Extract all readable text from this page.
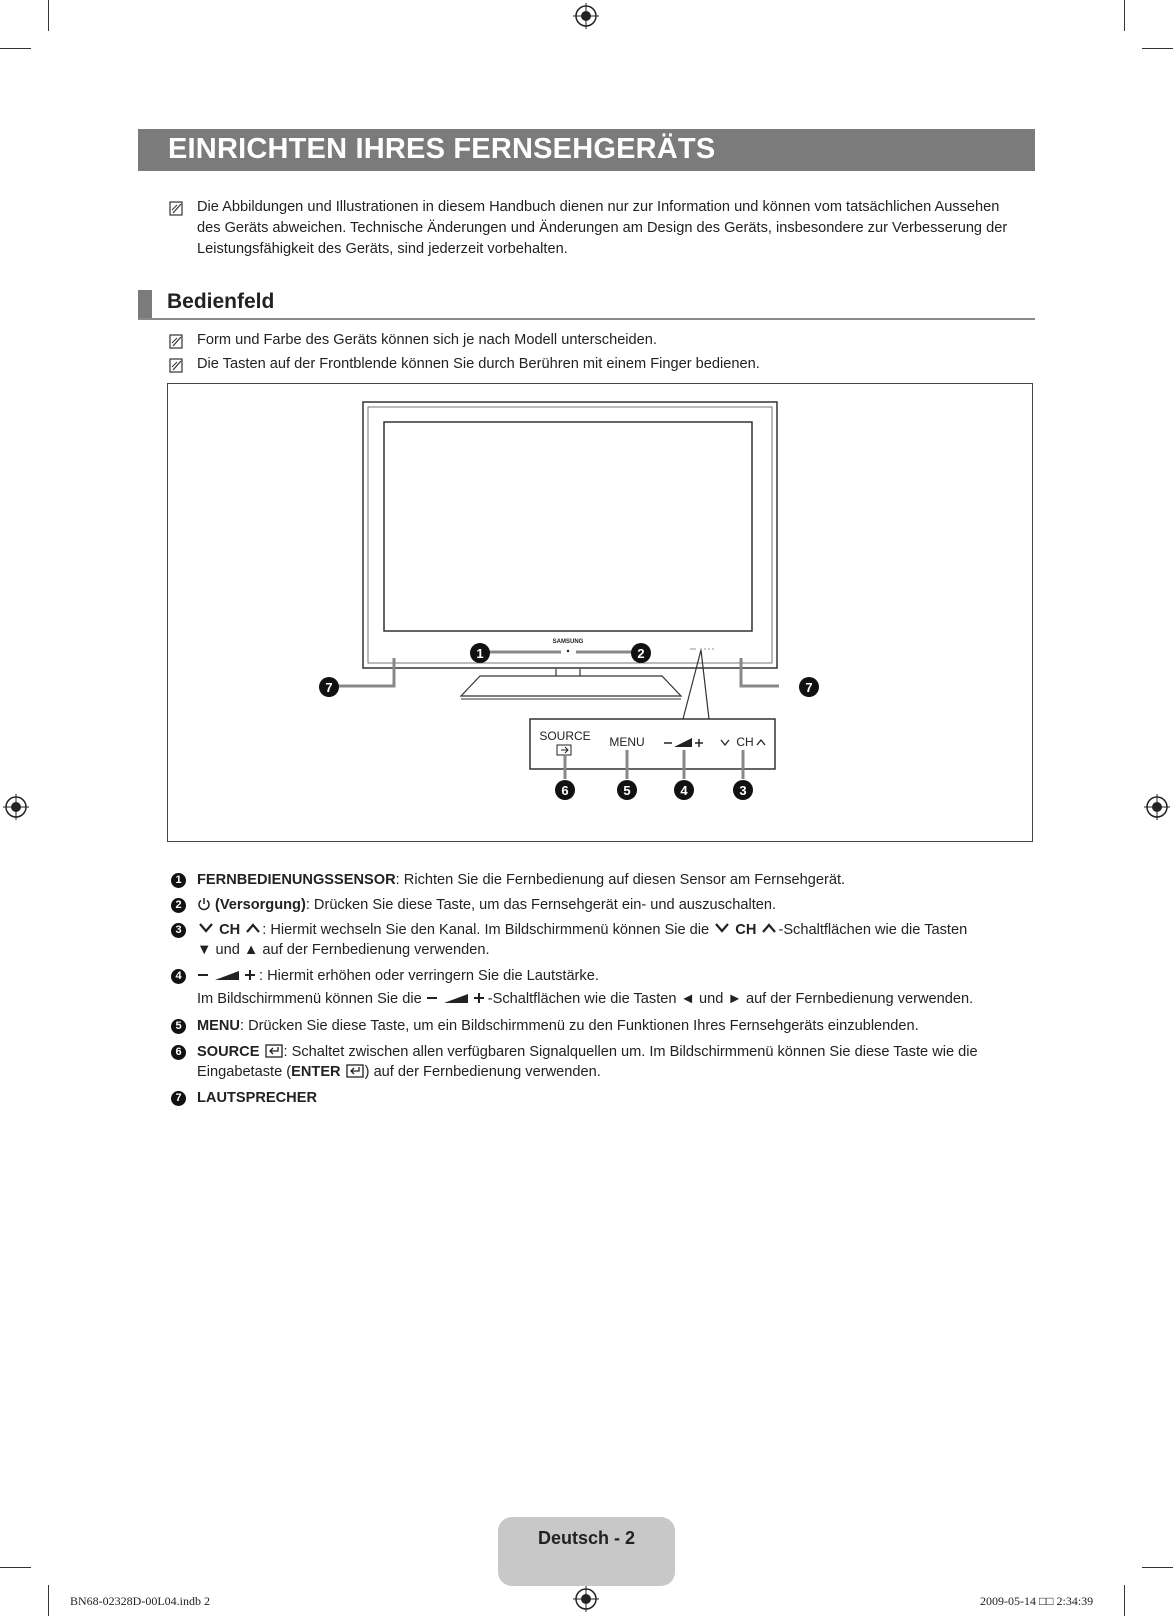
EINRICHTEN IHRES FERNSEHGERÄTS
Die Abbildungen und Illustrationen in diesem Handbuch dienen nur zur Information und können vom tatsächlichen Aussehen
des Geräts abweichen. Technische Änderungen und Änderungen am Design des Geräts, insbesondere zur Verbesserung der
Leistungsfähigkeit des Geräts, sind jederzeit vorbehalten.
Bedienfeld
Form und Farbe des Geräts können sich je nach Modell unterscheiden.
Die Tasten auf der Frontblende können Sie durch Berühren mit einem Finger bedienen.
SAMSUNG
SOURCE MENU	CH
1	2
3
4
5
6
7	7
1	FERNBEDIENUNGSSENSOR: Richten Sie die Fernbedienung auf diesen Sensor am Fernsehgerät.
2	(Versorgung): Drücken Sie diese Taste, um das Fernsehgerät ein- und auszuschalten.
3	CH : Hiermit wechseln Sie den Kanal. Im Bildschirmmenü können Sie die CH -Schaltflächen wie die Tasten
▼ und ▲ auf der Fernbedienung verwenden.
4	: Hiermit erhöhen oder verringern Sie die Lautstärke.
Im Bildschirmmenü können Sie die	-Schaltflächen wie die Tasten ◄ und ► auf der Fernbedienung verwenden.
5	MENU: Drücken Sie diese Taste, um ein Bildschirmmenü zu den Funktionen Ihres Fernsehgeräts einzublenden.
6	SOURCE : Schaltet zwischen allen verfügbaren Signalquellen um. Im Bildschirmmenü können Sie diese Taste wie die
Eingabetaste (ENTER ) auf der Fernbedienung verwenden.
7	LAUTSPRECHER
Deutsch - 2
BN68-02328D-00L04.indb 2	2009-05-14 □□ 2:34:39
